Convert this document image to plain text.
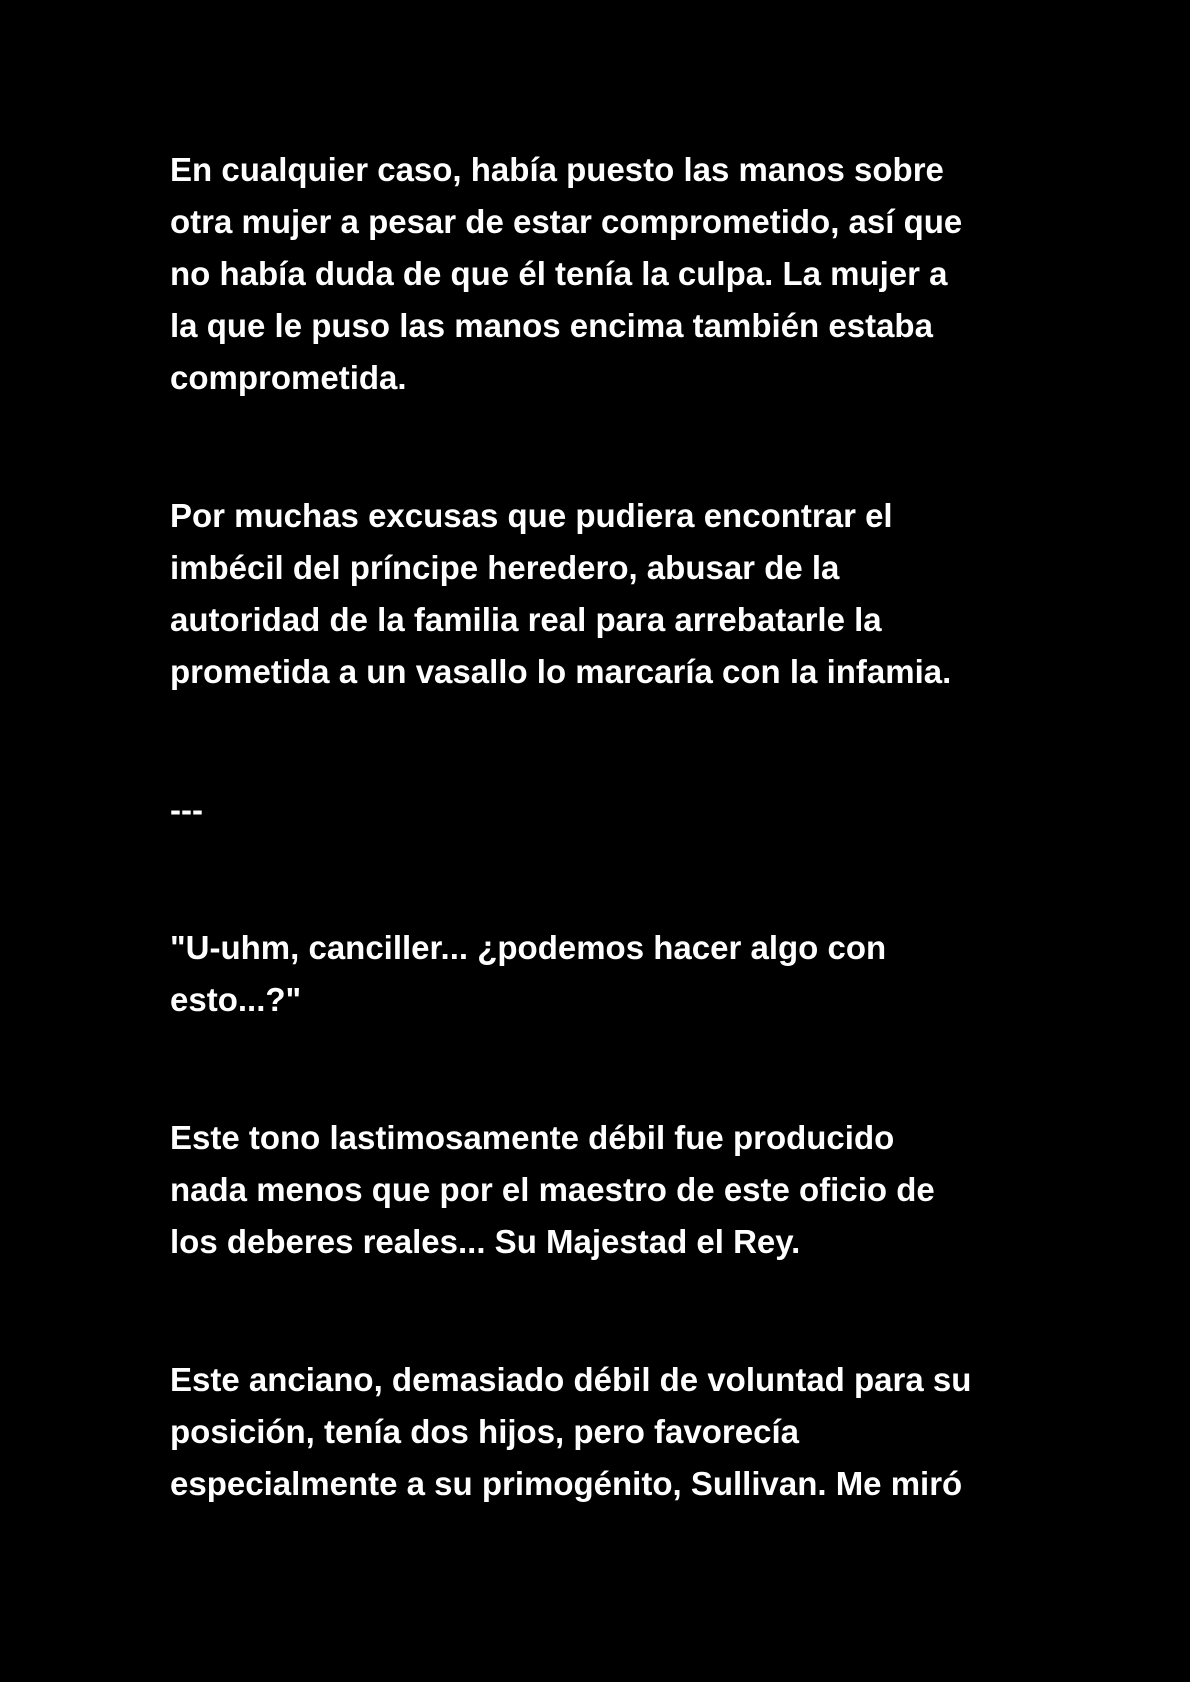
En cualquier caso, había puesto las manos sobre

otra mujer a pesar de estar comprometido, así que

no había duda de que él tenía la culpa. La mujer a

la que le puso las manos encima también estaba

comprometida.

Por muchas excusas que pudiera encontrar el

imbécil del príncipe heredero, abusar de la

autoridad de la familia real para arrebatarle la

prometida a un vasallo lo marcaría con la infamia.

---

"U-uhm, canciller... ¿podemos hacer algo con

esto...?"

Este tono lastimosamente débil fue producido

nada menos que por el maestro de este oficio de

los deberes reales... Su Majestad el Rey.

Este anciano, demasiado débil de voluntad para su

posición, tenía dos hijos, pero favorecía

especialmente a su primogénito, Sullivan. Me miró
